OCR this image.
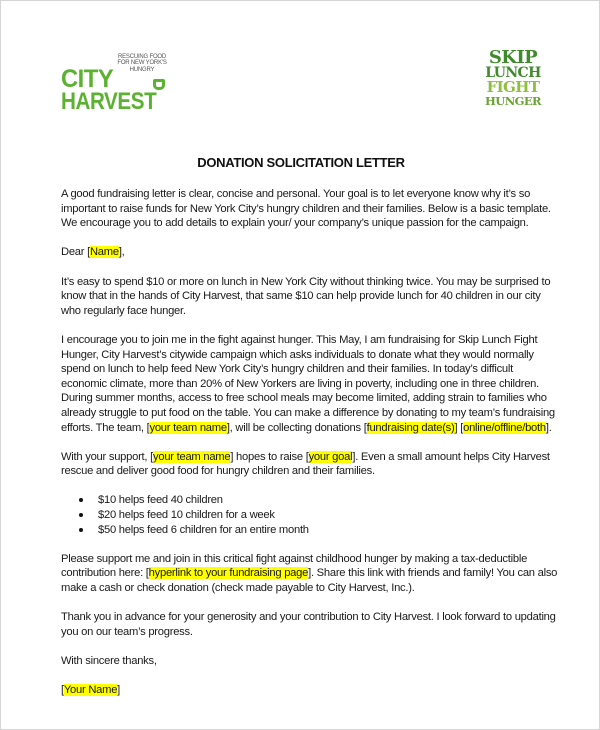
CITY
RESCUING FOOD FOR NEW YORK'S HUNGRY
HARVEST
SKIP
LUNCH
FIGHT
HUNGER
DONATION SOLICITATION LETTER

A good fundraising letter is clear, concise and personal. Your goal is to let everyone know why it’s so important to raise funds for New York City’s hungry children and their families. Below is a basic template. We encourage you to add details to explain your/ your company’s unique passion for the campaign.

Dear [Name],

It’s easy to spend $10 or more on lunch in New York City without thinking twice. You may be surprised to know that in the hands of City Harvest, that same $10 can help provide lunch for 40 children in our city who regularly face hunger.

I encourage you to join me in the fight against hunger. This May, I am fundraising for Skip Lunch Fight Hunger, City Harvest’s citywide campaign which asks individuals to donate what they would normally spend on lunch to help feed New York City’s hungry children and their families. In today’s difficult economic climate, more than 20% of New Yorkers are living in poverty, including one in three children. During summer months, access to free school meals may become limited, adding strain to families who already struggle to put food on the table. You can make a difference by donating to my team’s fundraising efforts. The team, [your team name], will be collecting donations [fundraising date(s)] [online/offline/both].

With your support, [your team name] hopes to raise [your goal]. Even a small amount helps City Harvest rescue and deliver good food for hungry children and their families.

$10 helps feed 40 children
$20 helps feed 10 children for a week
$50 helps feed 6 children for an entire month

Please support me and join in this critical fight against childhood hunger by making a tax-deductible contribution here: [hyperlink to your fundraising page]. Share this link with friends and family! You can also make a cash or check donation (check made payable to City Harvest, Inc.).

Thank you in advance for your generosity and your contribution to City Harvest. I look forward to updating you on our team’s progress.

With sincere thanks,

[Your Name]
